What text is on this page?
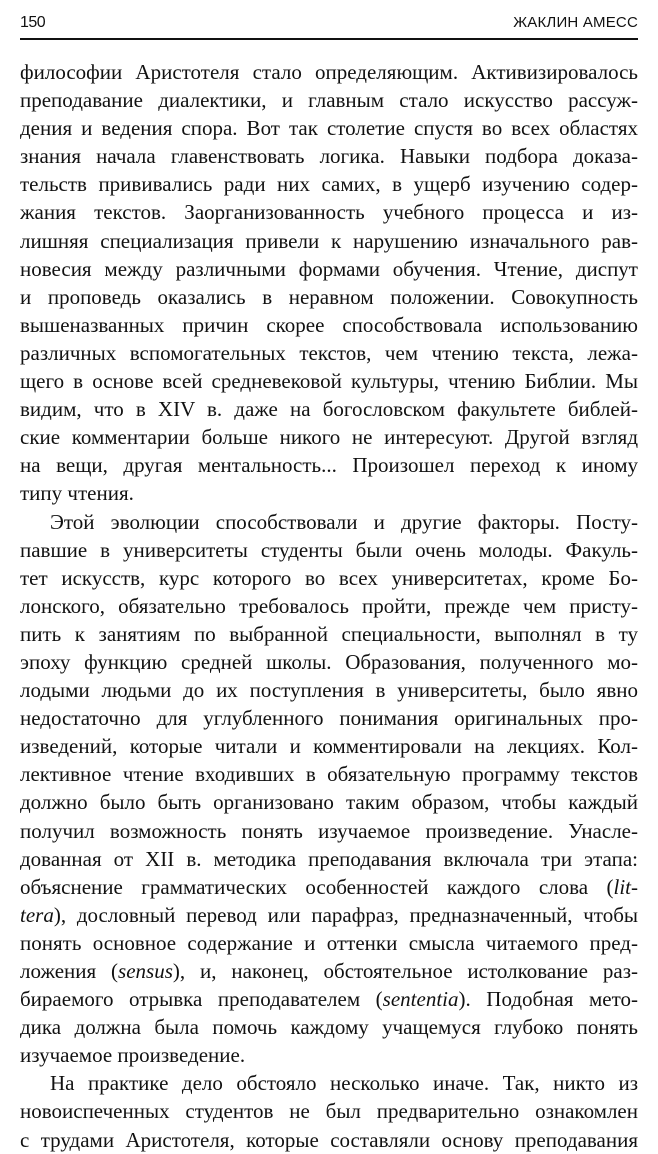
150	ЖАКЛИН АМЕСС
философии Аристотеля стало определяющим. Активизировалось
преподавание диалектики, и главным стало искусство рассуж-
дения и ведения спора. Вот так столетие спустя во всех областях
знания начала главенствовать логика. Навыки подбора доказа-
тельств прививались ради них самих, в ущерб изучению содер-
жания текстов. Заорганизованность учебного процесса и из-
лишняя специализация привели к нарушению изначального рав-
новесия между различными формами обучения. Чтение, диспут
и проповедь оказались в неравном положении. Совокупность
вышеназванных причин скорее способствовала использованию
различных вспомогательных текстов, чем чтению текста, лежа-
щего в основе всей средневековой культуры, чтению Библии. Мы
видим, что в XIV в. даже на богословском факультете библей-
ские комментарии больше никого не интересуют. Другой взгляд
на вещи, другая ментальность... Произошел переход к иному
типу чтения.
Этой эволюции способствовали и другие факторы. Посту-
павшие в университеты студенты были очень молоды. Факуль-
тет искусств, курс которого во всех университетах, кроме Бо-
лонского, обязательно требовалось пройти, прежде чем присту-
пить к занятиям по выбранной специальности, выполнял в ту
эпоху функцию средней школы. Образования, полученного мо-
лодыми людьми до их поступления в университеты, было явно
недостаточно для углубленного понимания оригинальных про-
изведений, которые читали и комментировали на лекциях. Кол-
лективное чтение входивших в обязательную программу текстов
должно было быть организовано таким образом, чтобы каждый
получил возможность понять изучаемое произведение. Унасле-
дованная от XII в. методика преподавания включала три этапа:
объяснение грамматических особенностей каждого слова (lit-
tera), дословный перевод или парафраз, предназначенный, чтобы
понять основное содержание и оттенки смысла читаемого пред-
ложения (sensus), и, наконец, обстоятельное истолкование раз-
бираемого отрывка преподавателем (sententia). Подобная мето-
дика должна была помочь каждому учащемуся глубоко понять
изучаемое произведение.
На практике дело обстояло несколько иначе. Так, никто из
новоиспеченных студентов не был предварительно ознакомлен
с трудами Аристотеля, которые составляли основу преподавания
